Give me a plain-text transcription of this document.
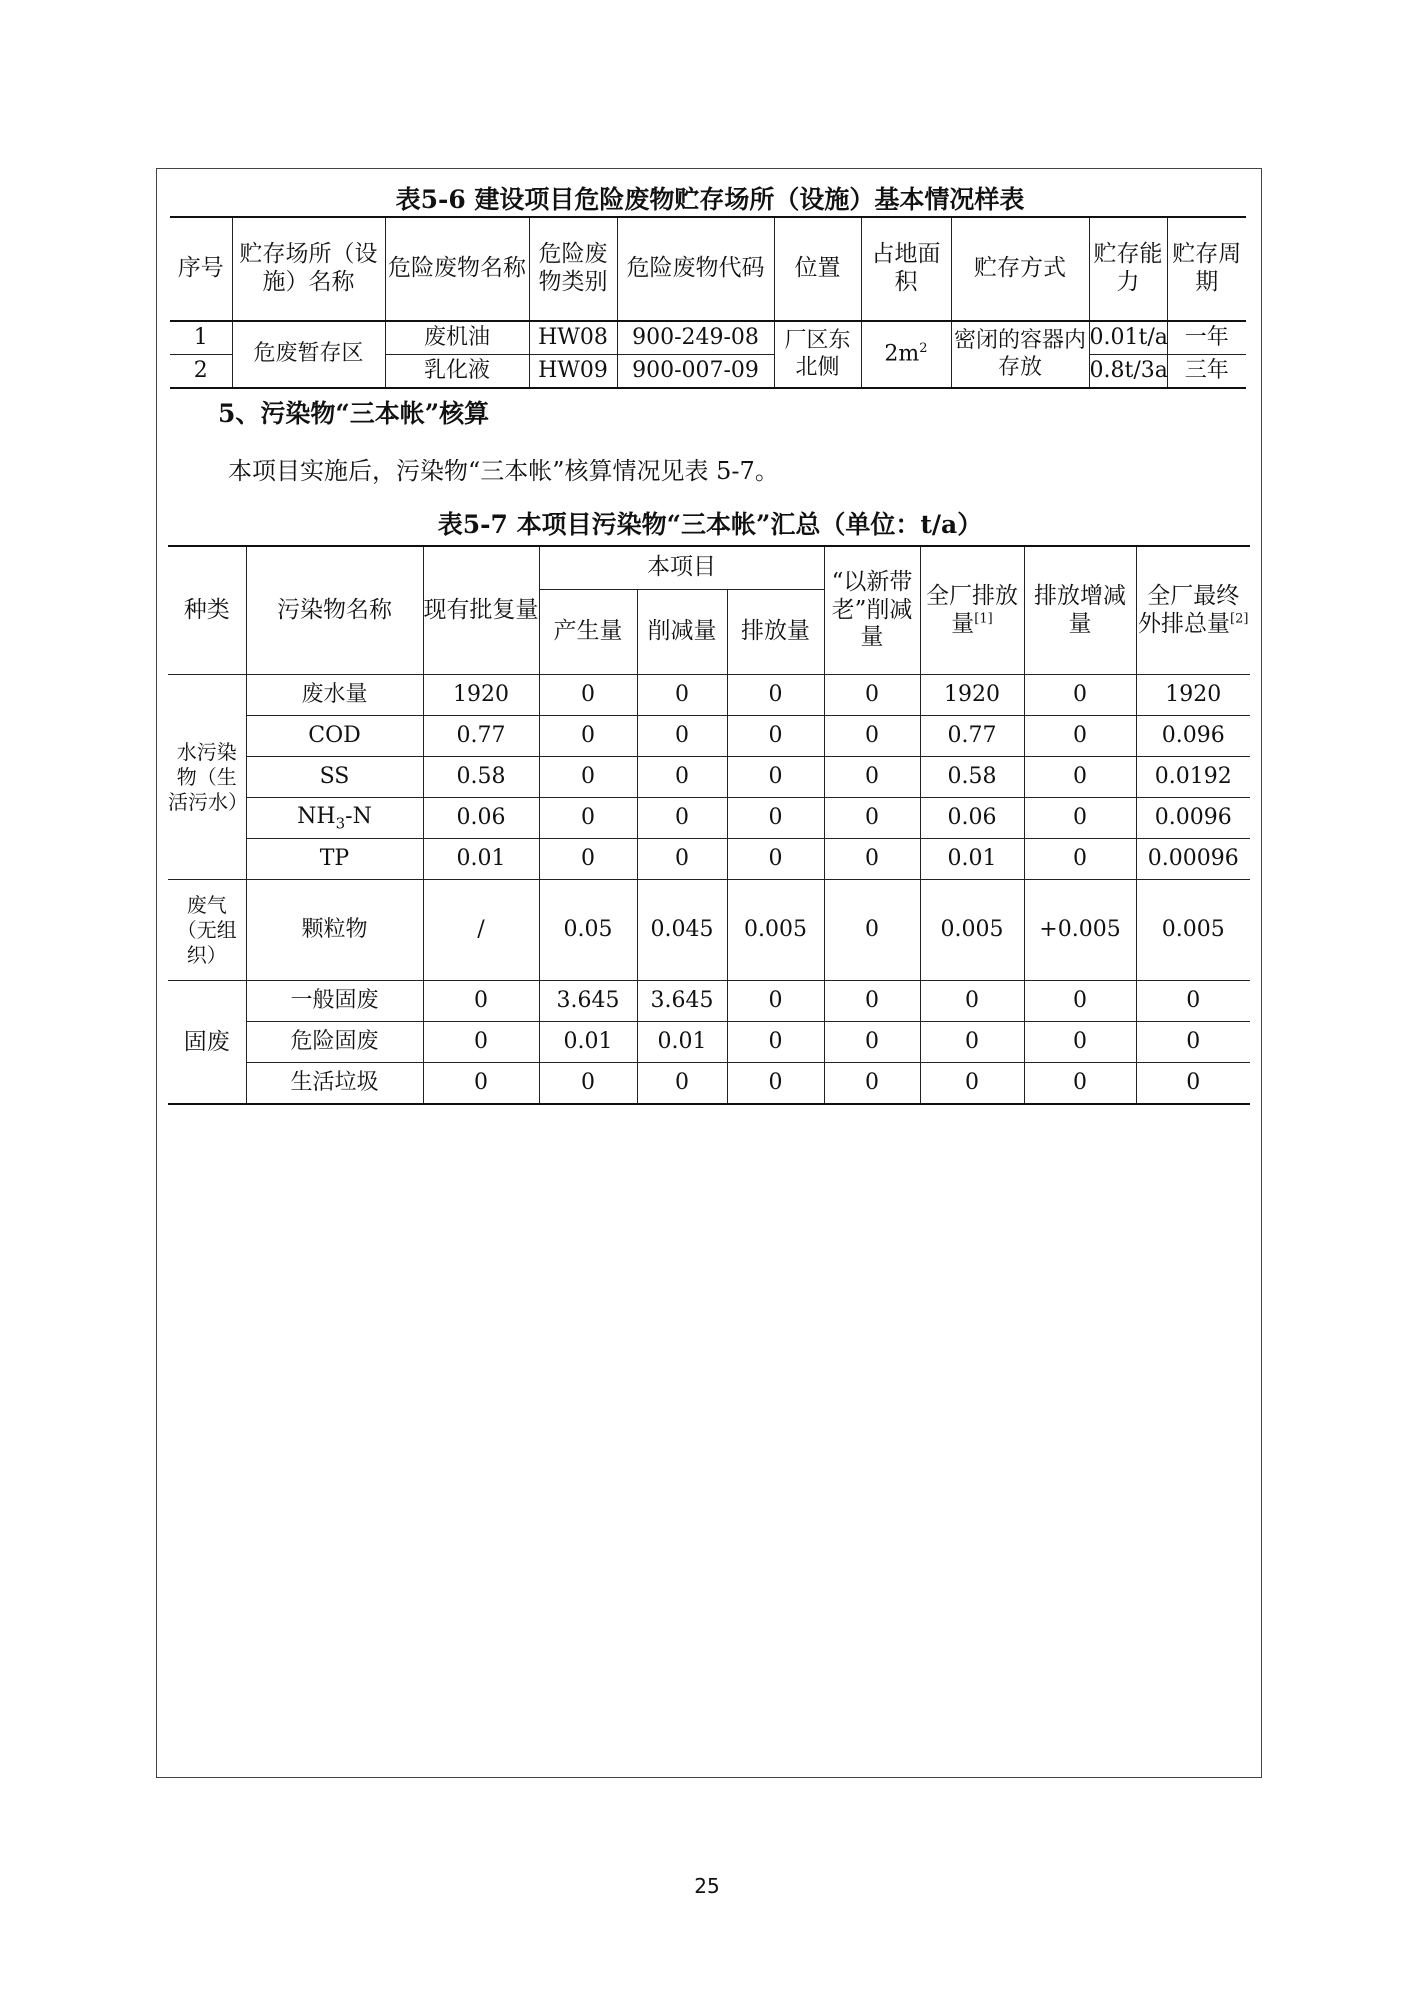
表5-6 建设项目危险废物贮存场所（设施）基本情况样表
序号	贮存场所（设施）名称	危险废物名称	危险废物类别	危险废物代码	位置	占地面积	贮存方式	贮存能力	贮存周期
1	危废暂存区	废机油	HW08	900-249-08	厂区东北侧	$2m^2$	密闭的容器内存放	0.01t/a	一年
2		乳化液	HW09	900-007-09				0.8t/3a	三年
5、污染物“三本帐”核算
本项目实施后，污染物“三本帐”核算情况见表 5-7。
表5-7 本项目污染物“三本帐”汇总（单位：t/a）
种类	污染物名称	现有批复量	本项目			“以新带老”削减量	全厂排放量[1]	排放增减量	全厂最终外排总量[2]
			产生量	削减量	排放量				
水污染物（生活污水）	废水量	1920	0	0	0	0	1920	0	1920
	COD	0.77	0	0	0	0	0.77	0	0.096
	SS	0.58	0	0	0	0	0.58	0	0.0192
	$NH_3-N$	0.06	0	0	0	0	0.06	0	0.0096
	TP	0.01	0	0	0	0	0.01	0	0.00096
废气（无组织）	颗粒物	/	0.05	0.045	0.005	0	0.005	+0.005	0.005
固废	一般固废	0	3.645	3.645	0	0	0	0	0
	危险固废	0	0.01	0.01	0	0	0	0	0
	生活垃圾	0	0	0	0	0	0	0	0
25
